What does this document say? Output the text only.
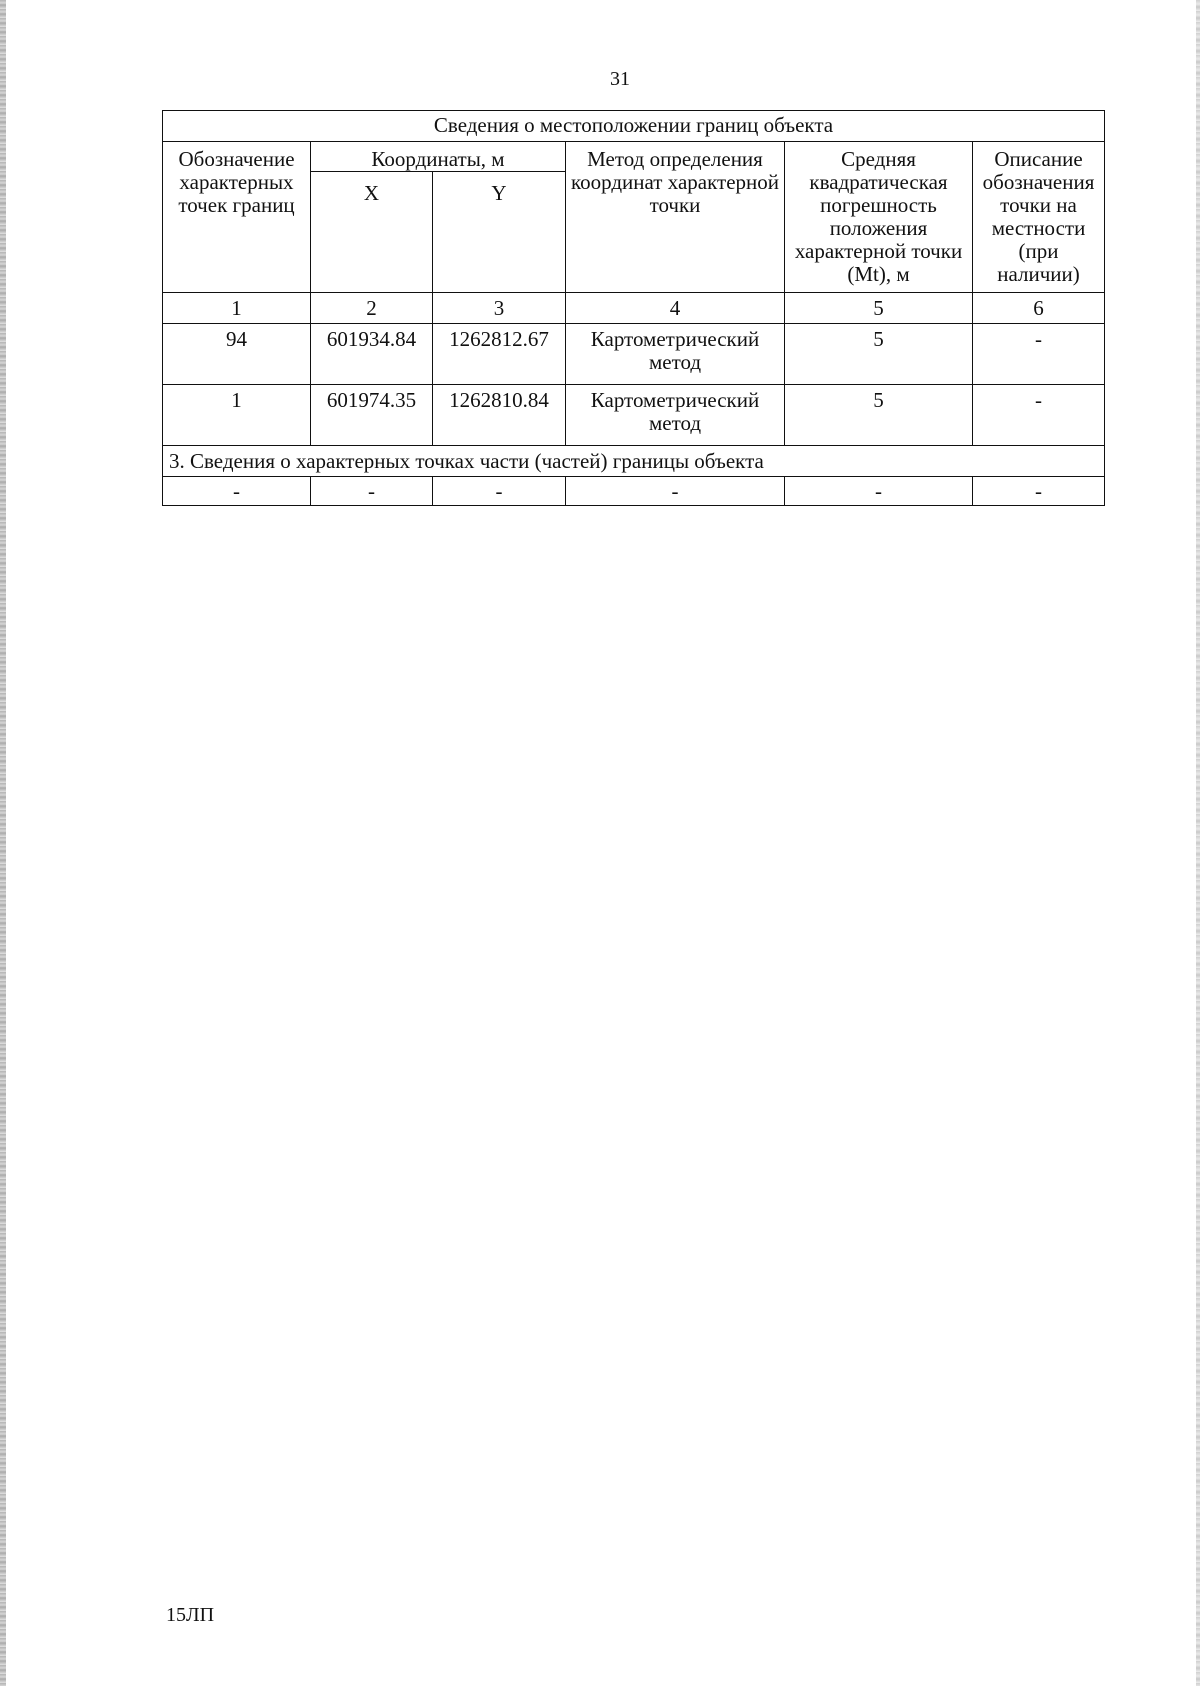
31
Сведения о местоположении границ объекта					
Обозначение характерных точек границ	Координаты, м		Метод определения координат характерной точки	Средняя квадратическая погрешность положения характерной точки (Mt), м	Описание обозначения точки на местности (при наличии)
	X	Y			
1	2	3	4	5	6
94	601934.84	1262812.67	Картометрический метод	5	-
1	601974.35	1262810.84	Картометрический метод	5	-
3. Сведения о характерных точках части (частей) границы объекта					
-	-	-	-	-	-
15ЛП
